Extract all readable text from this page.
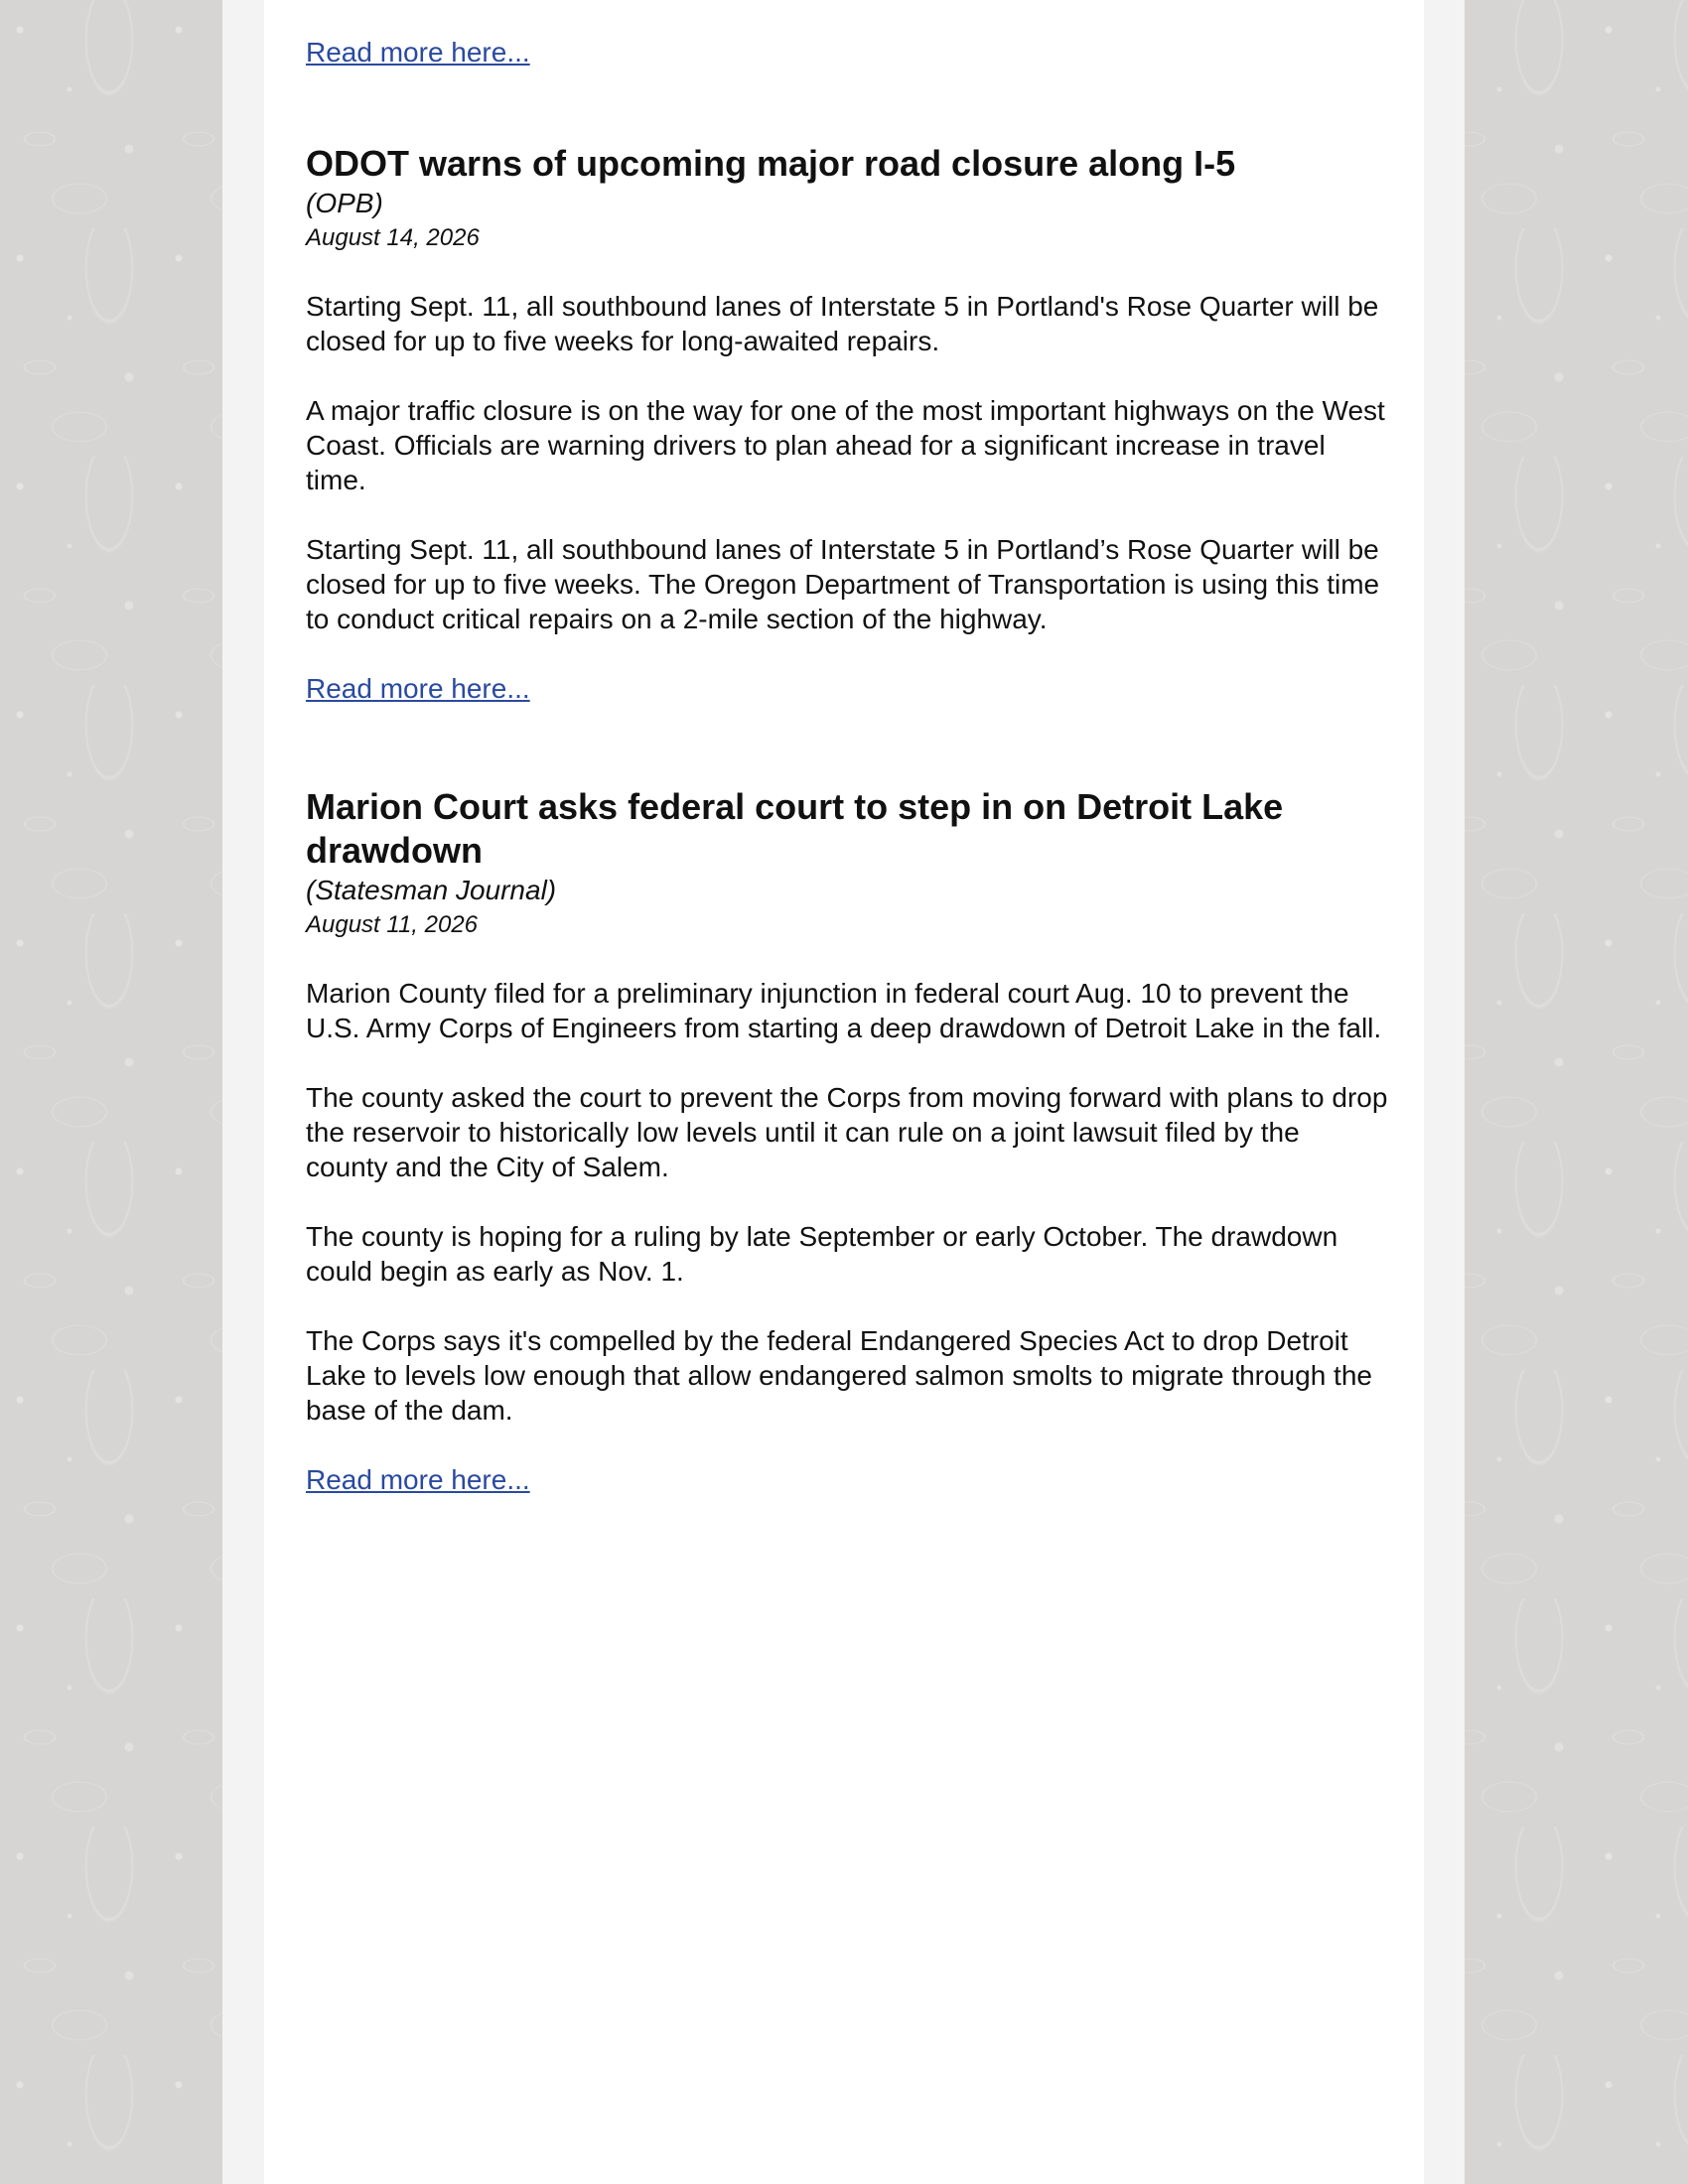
Read more here...
ODOT warns of upcoming major road closure along I-5

(OPB)

August 14, 2026

Starting Sept. 11, all southbound lanes of Interstate 5 in Portland's Rose Quarter will be closed for up to five weeks for long-awaited repairs.

A major traffic closure is on the way for one of the most important highways on the West Coast. Officials are warning drivers to plan ahead for a significant increase in travel time.

Starting Sept. 11, all southbound lanes of Interstate 5 in Portland’s Rose Quarter will be closed for up to five weeks. The Oregon Department of Transportation is using this time to conduct critical repairs on a 2-mile section of the highway.

Read more here...
Marion Court asks federal court to step in on Detroit Lake drawdown

(Statesman Journal)

August 11, 2026

Marion County filed for a preliminary injunction in federal court Aug. 10 to prevent the U.S. Army Corps of Engineers from starting a deep drawdown of Detroit Lake in the fall.

The county asked the court to prevent the Corps from moving forward with plans to drop the reservoir to historically low levels until it can rule on a joint lawsuit filed by the county and the City of Salem.

The county is hoping for a ruling by late September or early October. The drawdown could begin as early as Nov. 1.

The Corps says it's compelled by the federal Endangered Species Act to drop Detroit Lake to levels low enough that allow endangered salmon smolts to migrate through the base of the dam.

Read more here...
